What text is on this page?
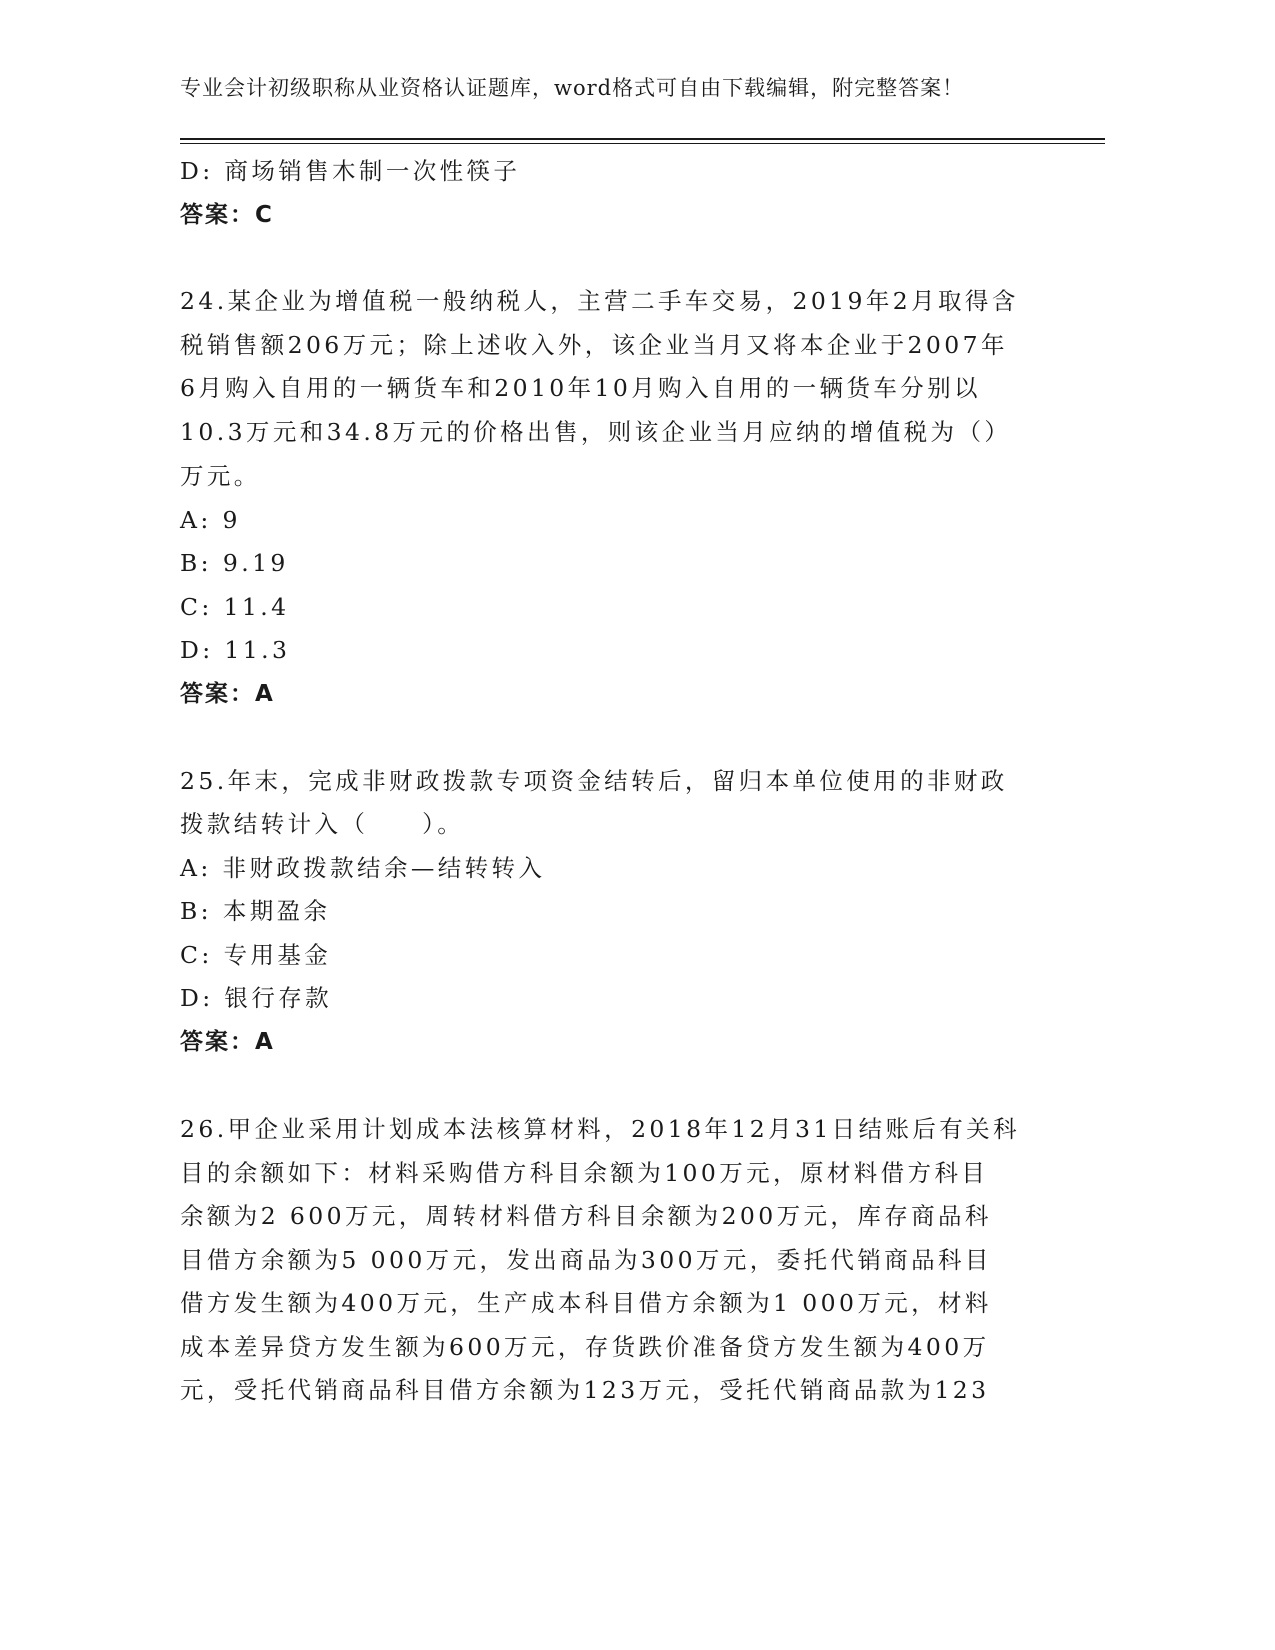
专业会计初级职称从业资格认证题库，word格式可自由下载编辑，附完整答案！
D: 商场销售木制一次性筷子
答案：C
24.某企业为增值税一般纳税人，主营二手车交易，2019年2月取得含
税销售额206万元；除上述收入外，该企业当月又将本企业于2007年
6月购入自用的一辆货车和2010年10月购入自用的一辆货车分别以
10.3万元和34.8万元的价格出售，则该企业当月应纳的增值税为（）
万元。
A: 9
B: 9.19
C: 11.4
D: 11.3
答案：A
25.年末，完成非财政拨款专项资金结转后，留归本单位使用的非财政
拨款结转计入（　　）。
A: 非财政拨款结余—结转转入
B: 本期盈余
C: 专用基金
D: 银行存款
答案：A
26.甲企业采用计划成本法核算材料，2018年12月31日结账后有关科
目的余额如下：材料采购借方科目余额为100万元，原材料借方科目
余额为2 600万元，周转材料借方科目余额为200万元，库存商品科
目借方余额为5 000万元，发出商品为300万元，委托代销商品科目
借方发生额为400万元，生产成本科目借方余额为1 000万元，材料
成本差异贷方发生额为600万元，存货跌价准备贷方发生额为400万
元，受托代销商品科目借方余额为123万元，受托代销商品款为123
